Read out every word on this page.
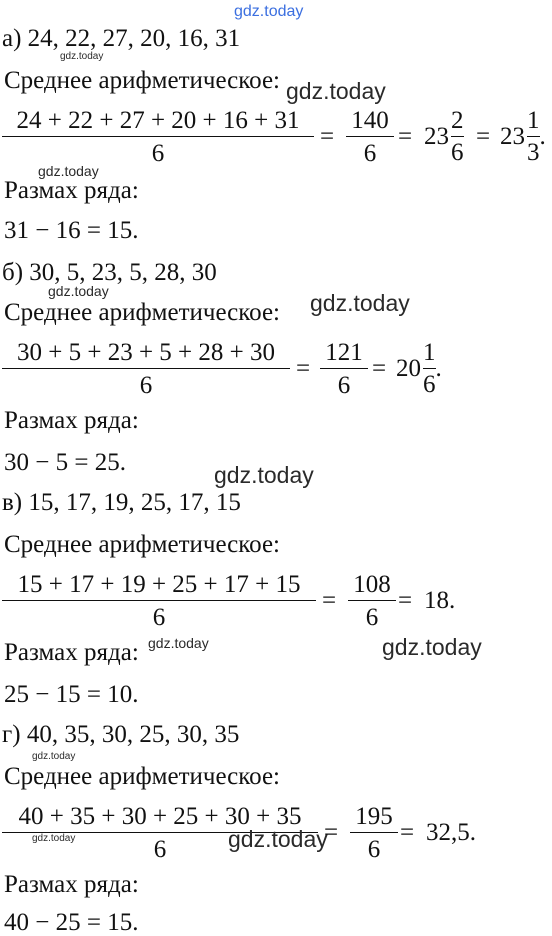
gdz.today
а) 24, 22, 27, 20, 16, 31
gdz.today
Среднее арифметическое: gdz.today
$\frac{24 + 22 + 27 + 20 + 16 + 31}{6} = \frac{140}{6} = 23 \frac{2}{6} = 23 \frac{1}{3}$ .
gdz.today
Размах ряда:
31 − 16 = 15.
б) 30, 5, 23, 5, 28, 30
gdz.today
Среднее арифметическое: gdz.today
$\frac{30 + 5 + 23 + 5 + 28 + 30}{6} = \frac{121}{6} = 20 \frac{1}{6}$ .
Размах ряда:
30 − 5 = 25.	gdz.today
в) 15, 17, 19, 25, 17, 15
Среднее арифметическое:
$\frac{15 + 17 + 19 + 25 + 17 + 15}{6} = \frac{108}{6} = 18$.
Размах ряда: gdz.today	gdz.today
25 − 15 = 10.
г) 40, 35, 30, 25, 30, 35
gdz.today
Среднее арифметическое:
$\frac{40 + 35 + 30 + 25 + 30 + 35}{6}$
gdz.today	gdz.today
= $\frac{195}{6} = 32,5$.
Размах ряда:
40 − 25 = 15.
